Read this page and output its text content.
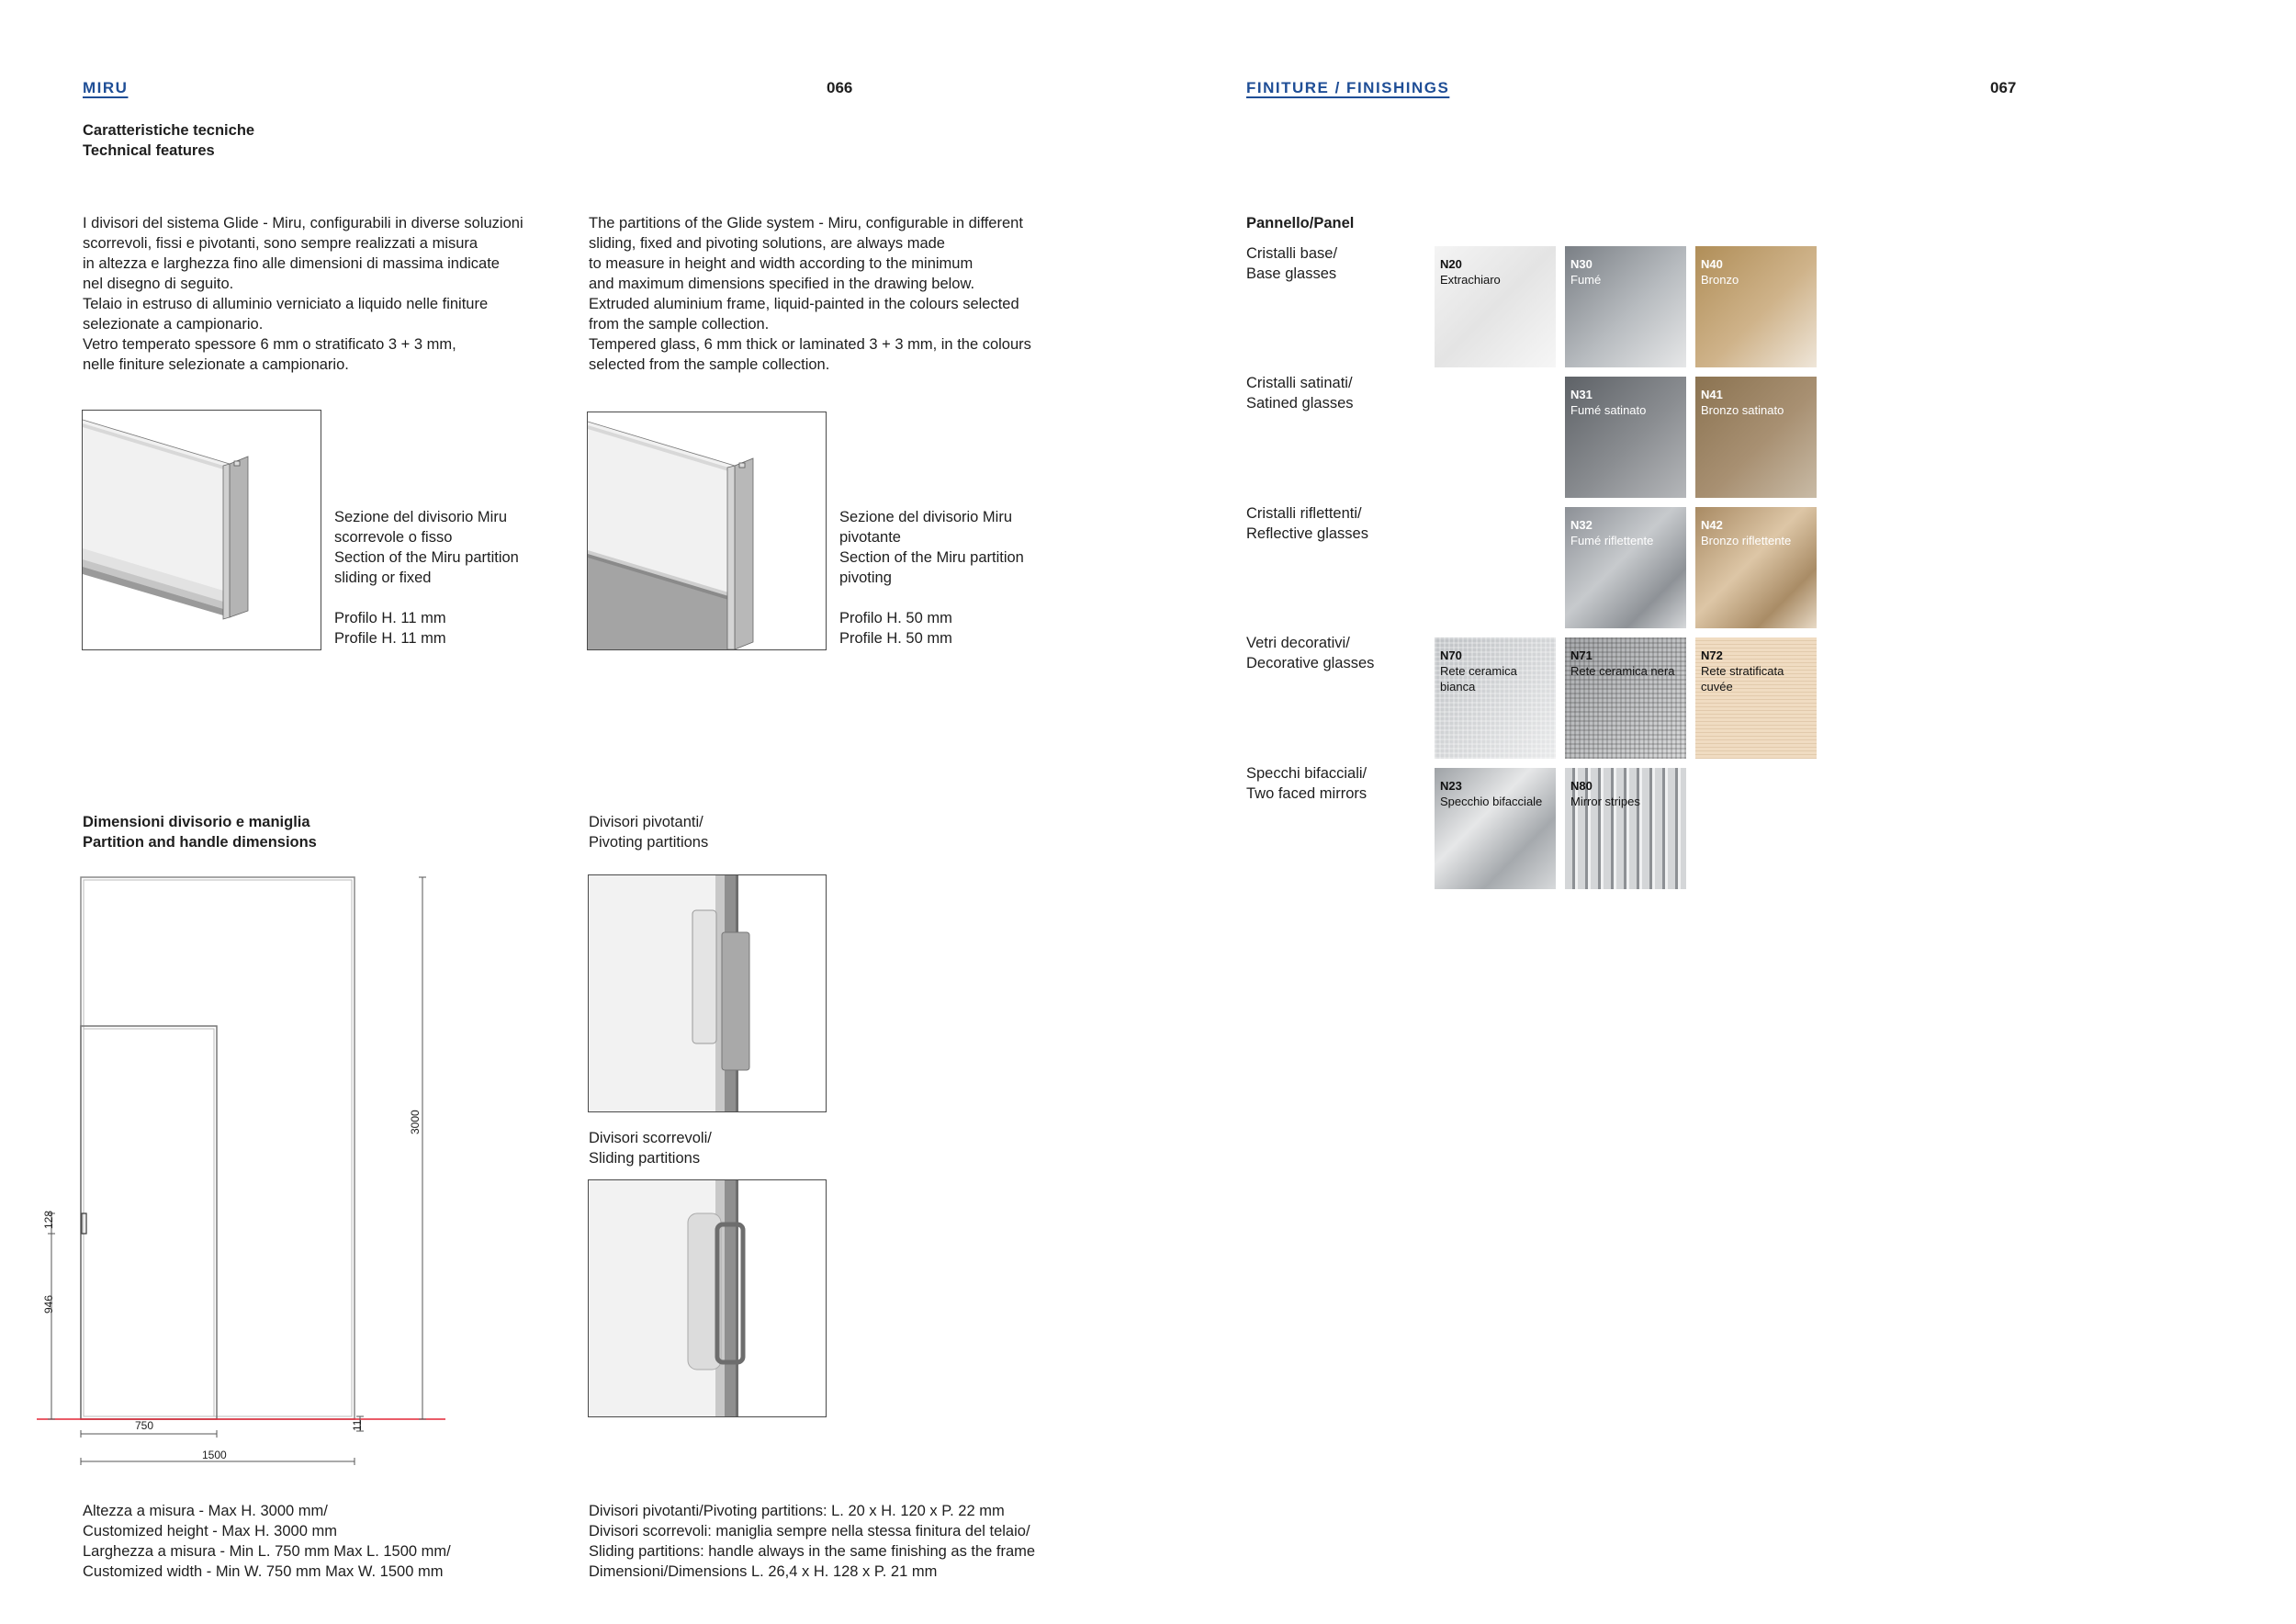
MIRU	066
Caratteristiche tecniche
Technical features
I divisori del sistema Glide - Miru, configurabili in diverse soluzioni
scorrevoli, fissi e pivotanti, sono sempre realizzati a misura
in altezza e larghezza fino alle dimensioni di massima indicate
nel disegno di seguito.
Telaio in estruso di alluminio verniciato a liquido nelle finiture
selezionate a campionario.
Vetro temperato spessore 6 mm o stratificato 3 + 3 mm,
nelle finiture selezionate a campionario.
The partitions of the Glide system - Miru, configurable in different
sliding, fixed and pivoting solutions, are always made
to measure in height and width according to the minimum
and maximum dimensions specified in the drawing below.
Extruded aluminium frame, liquid-painted in the colours selected
from the sample collection.
Tempered glass, 6 mm thick or laminated 3 + 3 mm, in the colours
selected from the sample collection.
Sezione del divisorio Miru
scorrevole o fisso
Section of the Miru partition
sliding or fixed

Profilo H. 11 mm
Profile H. 11 mm
Sezione del divisorio Miru
pivotante
Section of the Miru partition
pivoting

Profilo H. 50 mm
Profile H. 50 mm
Dimensioni divisorio e maniglia
Partition and handle dimensions
3000
128
946
11
750
1500
Divisori pivotanti/
Pivoting partitions
Divisori scorrevoli/
Sliding partitions
Altezza a misura - Max H. 3000 mm/
Customized height - Max H. 3000 mm
Larghezza a misura - Min L. 750 mm Max L. 1500 mm/
Customized width - Min W. 750 mm Max W. 1500 mm
Divisori pivotanti/Pivoting partitions: L. 20 x H. 120 x P. 22 mm
Divisori scorrevoli: maniglia sempre nella stessa finitura del telaio/
Sliding partitions: handle always in the same finishing as the frame
Dimensioni/Dimensions L. 26,4 x H. 128 x P. 21 mm
FINITURE / FINISHINGS	067
Pannello/Panel
Cristalli base/
Base glasses
Cristalli satinati/
Satined glasses
Cristalli riflettenti/
Reflective glasses
Vetri decorativi/
Decorative glasses
Specchi bifacciali/
Two faced mirrors
N20
Extrachiaro
N30
Fumé
N40
Bronzo
N31
Fumé satinato
N41
Bronzo satinato
N32
Fumé riflettente
N42
Bronzo riflettente
N70
Rete ceramica bianca
N71
Rete ceramica nera
N72
Rete stratificata cuvée
N23
Specchio bifacciale
N80
Mirror stripes
